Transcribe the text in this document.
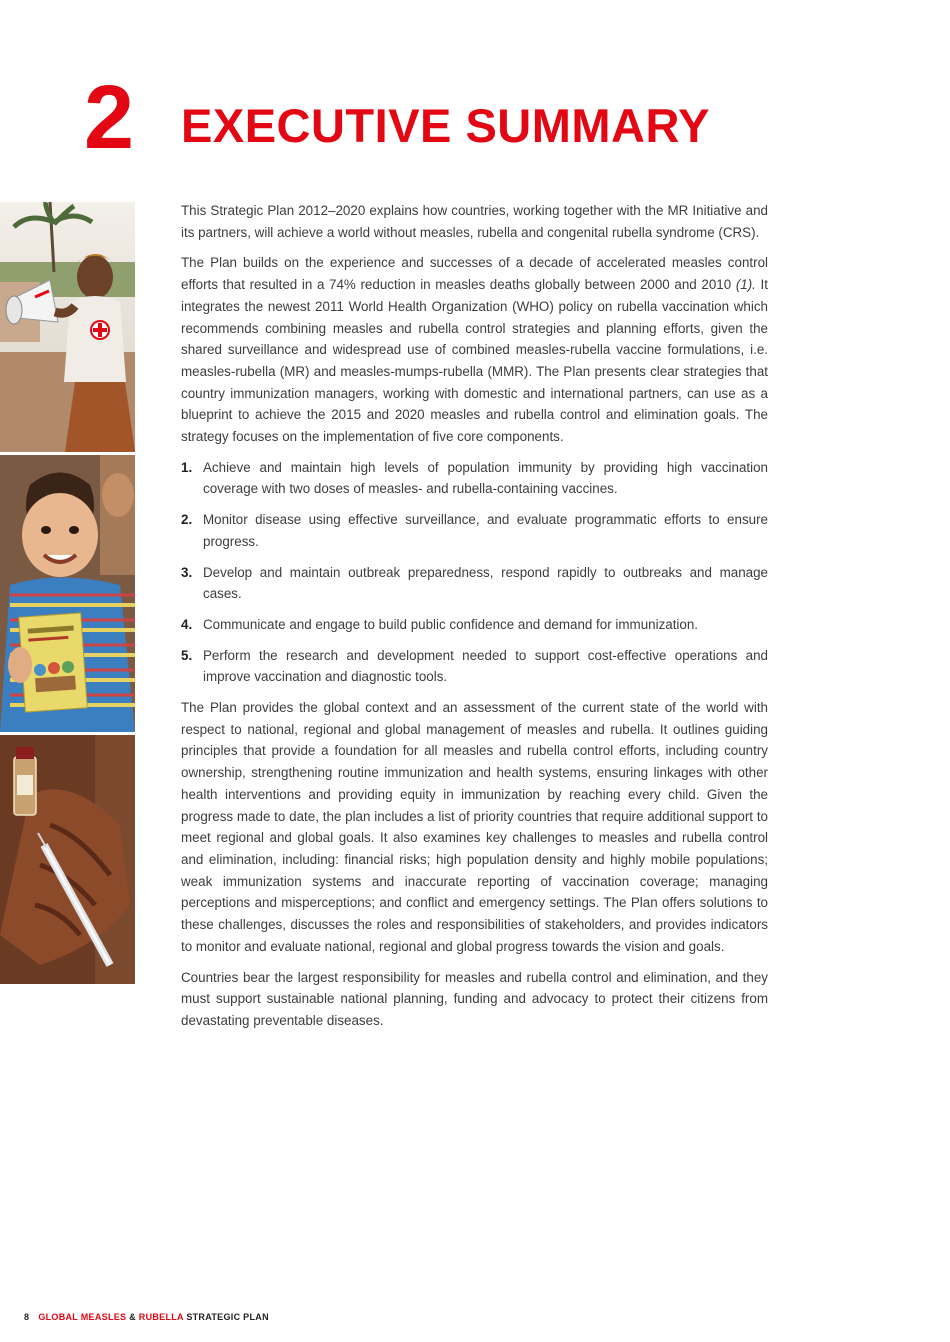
2 EXECUTIVE SUMMARY

This Strategic Plan 2012–2020 explains how countries, working together with the MR Initiative and its partners, will achieve a world without measles, rubella and congenital rubella syndrome (CRS).

The Plan builds on the experience and successes of a decade of accelerated measles control efforts that resulted in a 74% reduction in measles deaths globally between 2000 and 2010 (1). It integrates the newest 2011 World Health Organization (WHO) policy on rubella vaccination which recommends combining measles and rubella control strategies and planning efforts, given the shared surveillance and widespread use of combined measles-rubella vaccine formulations, i.e. measles-rubella (MR) and measles-mumps-rubella (MMR). The Plan presents clear strategies that country immunization managers, working with domestic and international partners, can use as a blueprint to achieve the 2015 and 2020 measles and rubella control and elimination goals. The strategy focuses on the implementation of five core components.

1. Achieve and maintain high levels of population immunity by providing high vaccination coverage with two doses of measles- and rubella-containing vaccines.
2. Monitor disease using effective surveillance, and evaluate programmatic efforts to ensure progress.
3. Develop and maintain outbreak preparedness, respond rapidly to outbreaks and manage cases.
4. Communicate and engage to build public confidence and demand for immunization.
5. Perform the research and development needed to support cost-effective operations and improve vaccination and diagnostic tools.

The Plan provides the global context and an assessment of the current state of the world with respect to national, regional and global management of measles and rubella. It outlines guiding principles that provide a foundation for all measles and rubella control efforts, including country ownership, strengthening routine immunization and health systems, ensuring linkages with other health interventions and providing equity in immunization by reaching every child. Given the progress made to date, the plan includes a list of priority countries that require additional support to meet regional and global goals. It also examines key challenges to measles and rubella control and elimination, including: financial risks; high population density and highly mobile populations; weak immunization systems and inaccurate reporting of vaccination coverage; managing perceptions and misperceptions; and conflict and emergency settings. The Plan offers solutions to these challenges, discusses the roles and responsibilities of stakeholders, and provides indicators to monitor and evaluate national, regional and global progress towards the vision and goals.

Countries bear the largest responsibility for measles and rubella control and elimination, and they must support sustainable national planning, funding and advocacy to protect their citizens from devastating preventable diseases.

8 GLOBAL MEASLES & RUBELLA STRATEGIC PLAN
